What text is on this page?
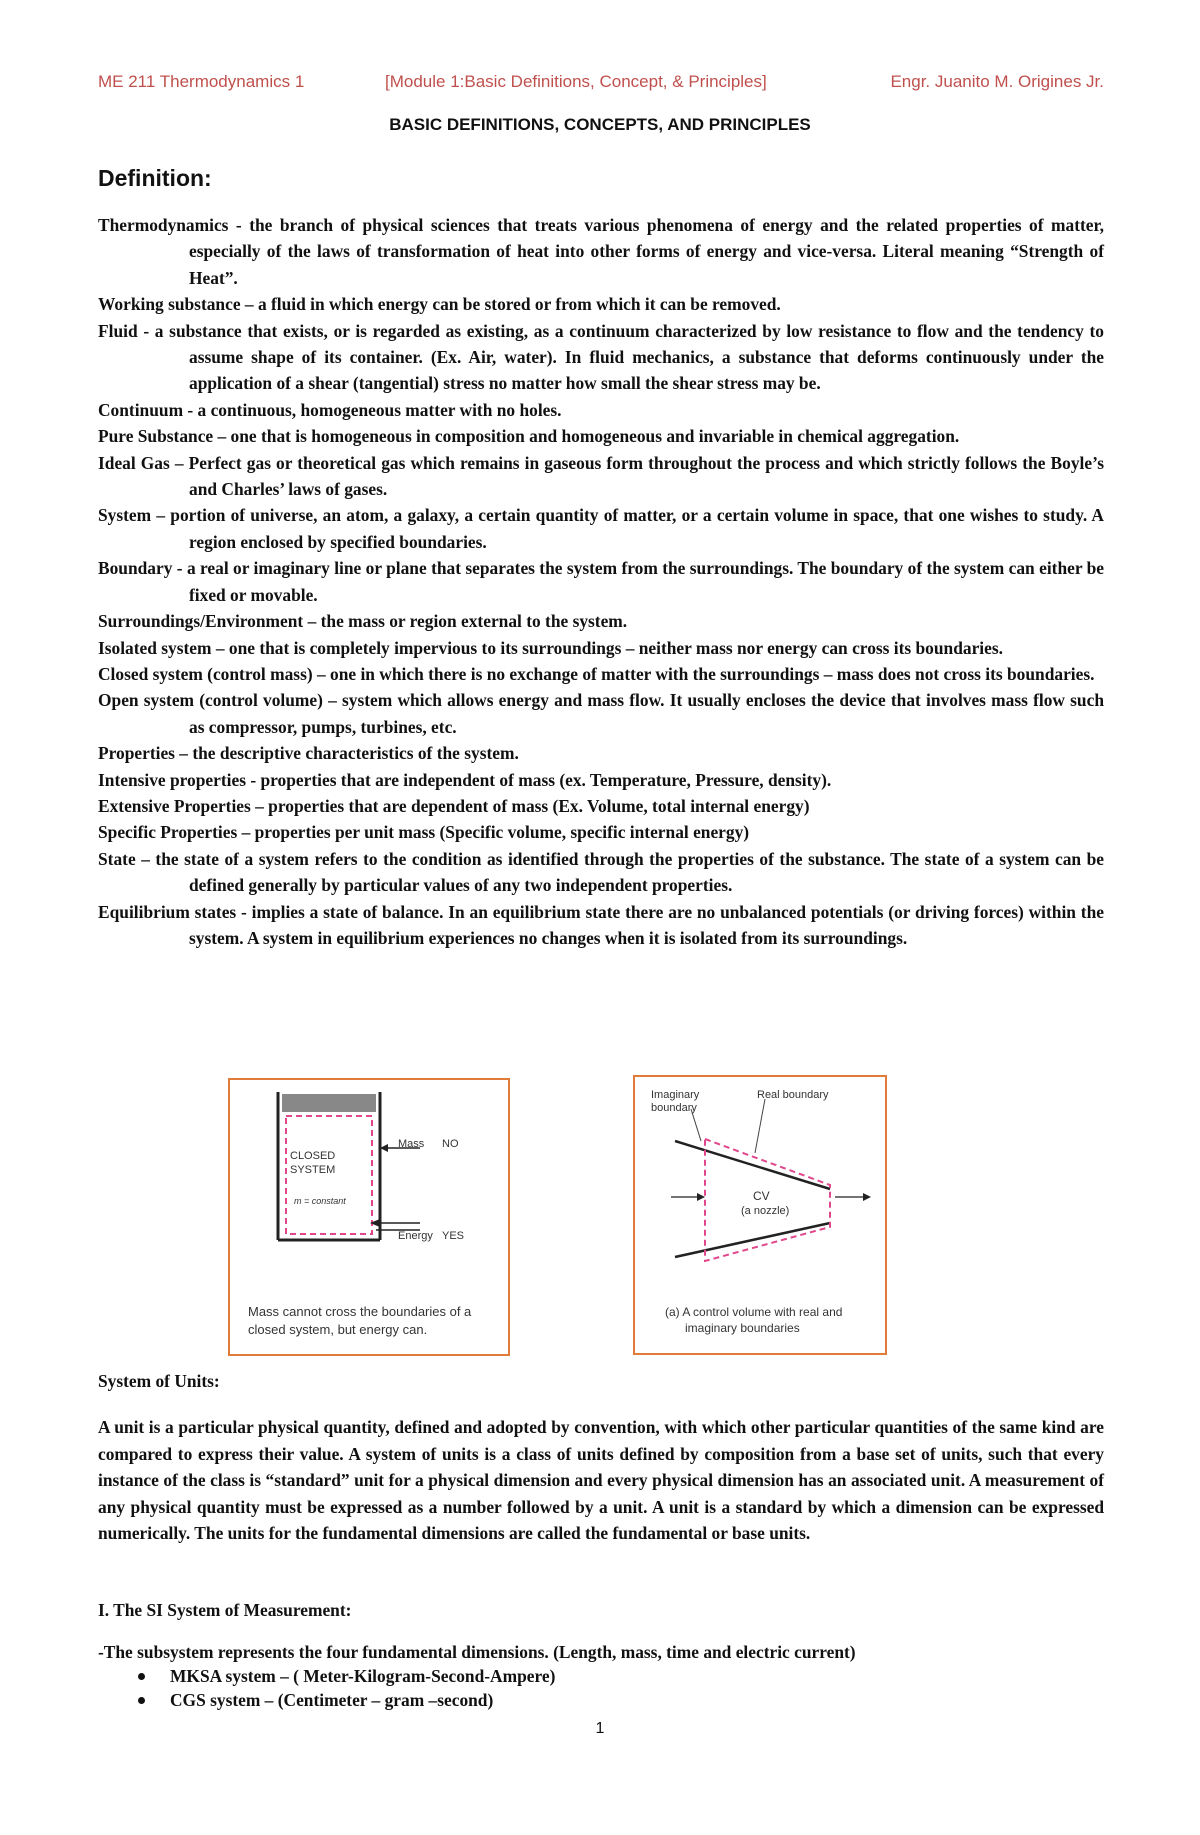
ME 211 Thermodynamics 1	[Module 1:Basic Definitions, Concept, & Principles]	Engr. Juanito M. Origines Jr.
BASIC DEFINITIONS, CONCEPTS, AND PRINCIPLES
Definition:
Thermodynamics - the branch of physical sciences that treats various phenomena of energy and the related properties of matter, especially of the laws of transformation of heat into other forms of energy and vice-versa. Literal meaning “Strength of Heat”.
Working substance – a fluid in which energy can be stored or from which it can be removed.
Fluid - a substance that exists, or is regarded as existing, as a continuum characterized by low resistance to flow and the tendency to assume shape of its container. (Ex. Air, water). In fluid mechanics, a substance that deforms continuously under the application of a shear (tangential) stress no matter how small the shear stress may be.
Continuum - a continuous, homogeneous matter with no holes.
Pure Substance – one that is homogeneous in composition and homogeneous and invariable in chemical aggregation.
Ideal Gas – Perfect gas or theoretical gas which remains in gaseous form throughout the process and which strictly follows the Boyle’s and Charles’ laws of gases.
System – portion of universe, an atom, a galaxy, a certain quantity of matter, or a certain volume in space, that one wishes to study. A region enclosed by specified boundaries.
Boundary - a real or imaginary line or plane that separates the system from the surroundings. The boundary of the system can either be fixed or movable.
Surroundings/Environment – the mass or region external to the system.
Isolated system – one that is completely impervious to its surroundings – neither mass nor energy can cross its boundaries.
Closed system (control mass) – one in which there is no exchange of matter with the surroundings – mass does not cross its boundaries.
Open system (control volume) – system which allows energy and mass flow. It usually encloses the device that involves mass flow such as compressor, pumps, turbines, etc.
Properties – the descriptive characteristics of the system.
Intensive properties - properties that are independent of mass (ex. Temperature, Pressure, density).
Extensive Properties – properties that are dependent of mass (Ex. Volume, total internal energy)
Specific Properties – properties per unit mass (Specific volume, specific internal energy)
State – the state of a system refers to the condition as identified through the properties of the substance. The state of a system can be defined generally by particular values of any two independent properties.
Equilibrium states - implies a state of balance. In an equilibrium state there are no unbalanced potentials (or driving forces) within the system. A system in equilibrium experiences no changes when it is isolated from its surroundings.
CLOSED
SYSTEM
m = constant
Mass NO
Energy YES
Mass cannot cross the boundaries of a
closed system, but energy can.
Imaginary
boundary
Real boundary
CV
(a nozzle)
(a) A control volume with real and
imaginary boundaries
System of Units:
A unit is a particular physical quantity, defined and adopted by convention, with which other particular quantities of the same kind are compared to express their value. A system of units is a class of units defined by composition from a base set of units, such that every instance of the class is “standard” unit for a physical dimension and every physical dimension has an associated unit. A measurement of any physical quantity must be expressed as a number followed by a unit. A unit is a standard by which a dimension can be expressed numerically. The units for the fundamental dimensions are called the fundamental or base units.
I. The SI System of Measurement:
-The subsystem represents the four fundamental dimensions. (Length, mass, time and electric current)
MKSA system – ( Meter-Kilogram-Second-Ampere)
CGS system – (Centimeter – gram –second)
1
